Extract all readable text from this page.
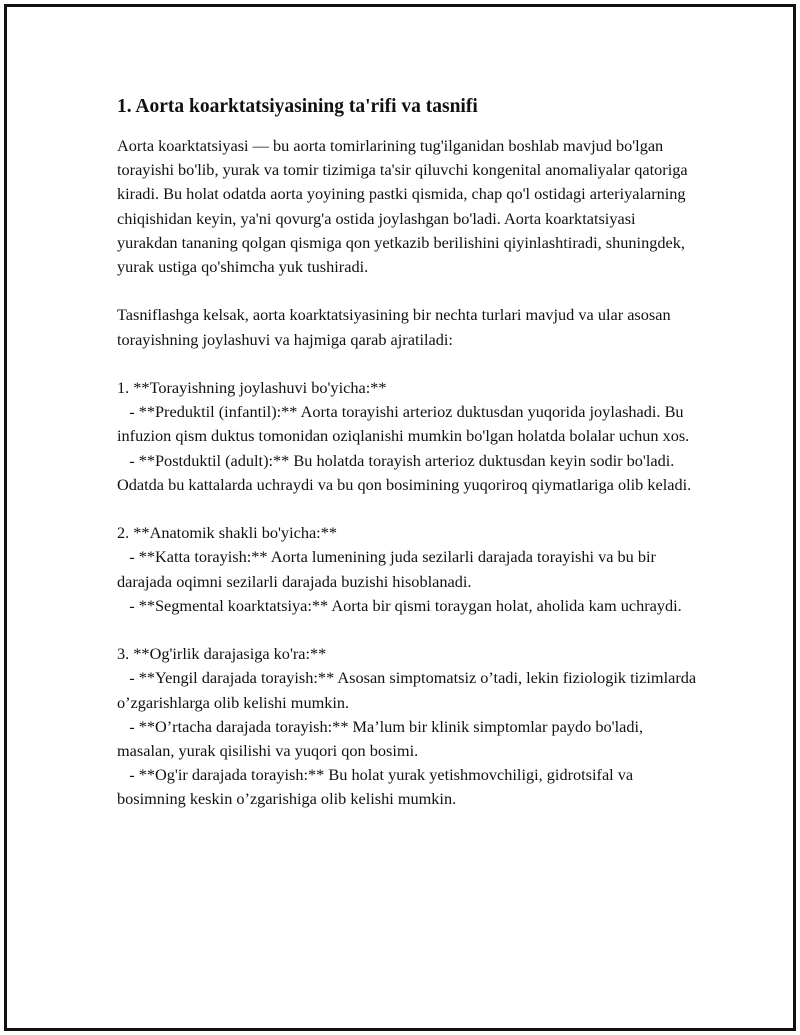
1. Aorta koarktatsiyasining ta'rifi va tasnifi

Aorta koarktatsiyasi — bu aorta tomirlarining tug'ilganidan boshlab mavjud bo'lgan torayishi bo'lib, yurak va tomir tizimiga ta'sir qiluvchi kongenital anomaliyalar qatoriga kiradi. Bu holat odatda aorta yoyining pastki qismida, chap qo'l ostidagi arteriyalarning chiqishidan keyin, ya'ni qovurg'a ostida joylashgan bo'ladi. Aorta koarktatsiyasi yurakdan tananing qolgan qismiga qon yetkazib berilishini qiyinlashtiradi, shuningdek, yurak ustiga qo'shimcha yuk tushiradi.

Tasniflashga kelsak, aorta koarktatsiyasining bir nechta turlari mavjud va ular asosan torayishning joylashuvi va hajmiga qarab ajratiladi:

1. **Torayishning joylashuvi bo'yicha:**

- **Preduktil (infantil):** Aorta torayishi arterioz duktusdan yuqorida joylashadi. Bu infuzion qism duktus tomonidan oziqlanishi mumkin bo'lgan holatda bolalar uchun xos.

- **Postduktil (adult):** Bu holatda torayish arterioz duktusdan keyin sodir bo'ladi. Odatda bu kattalarda uchraydi va bu qon bosimining yuqoriroq qiymatlariga olib keladi.

2. **Anatomik shakli bo'yicha:**

- **Katta torayish:** Aorta lumenining juda sezilarli darajada torayishi va bu bir darajada oqimni sezilarli darajada buzishi hisoblanadi.

- **Segmental koarktatsiya:** Aorta bir qismi toraygan holat, aholida kam uchraydi.

3. **Og'irlik darajasiga ko'ra:**

- **Yengil darajada torayish:** Asosan simptomatsiz o’tadi, lekin fiziologik tizimlarda o’zgarishlarga olib kelishi mumkin.

- **O’rtacha darajada torayish:** Ma’lum bir klinik simptomlar paydo bo'ladi, masalan, yurak qisilishi va yuqori qon bosimi.

- **Og'ir darajada torayish:** Bu holat yurak yetishmovchiligi, gidrotsifal va bosimning keskin o’zgarishiga olib kelishi mumkin.
